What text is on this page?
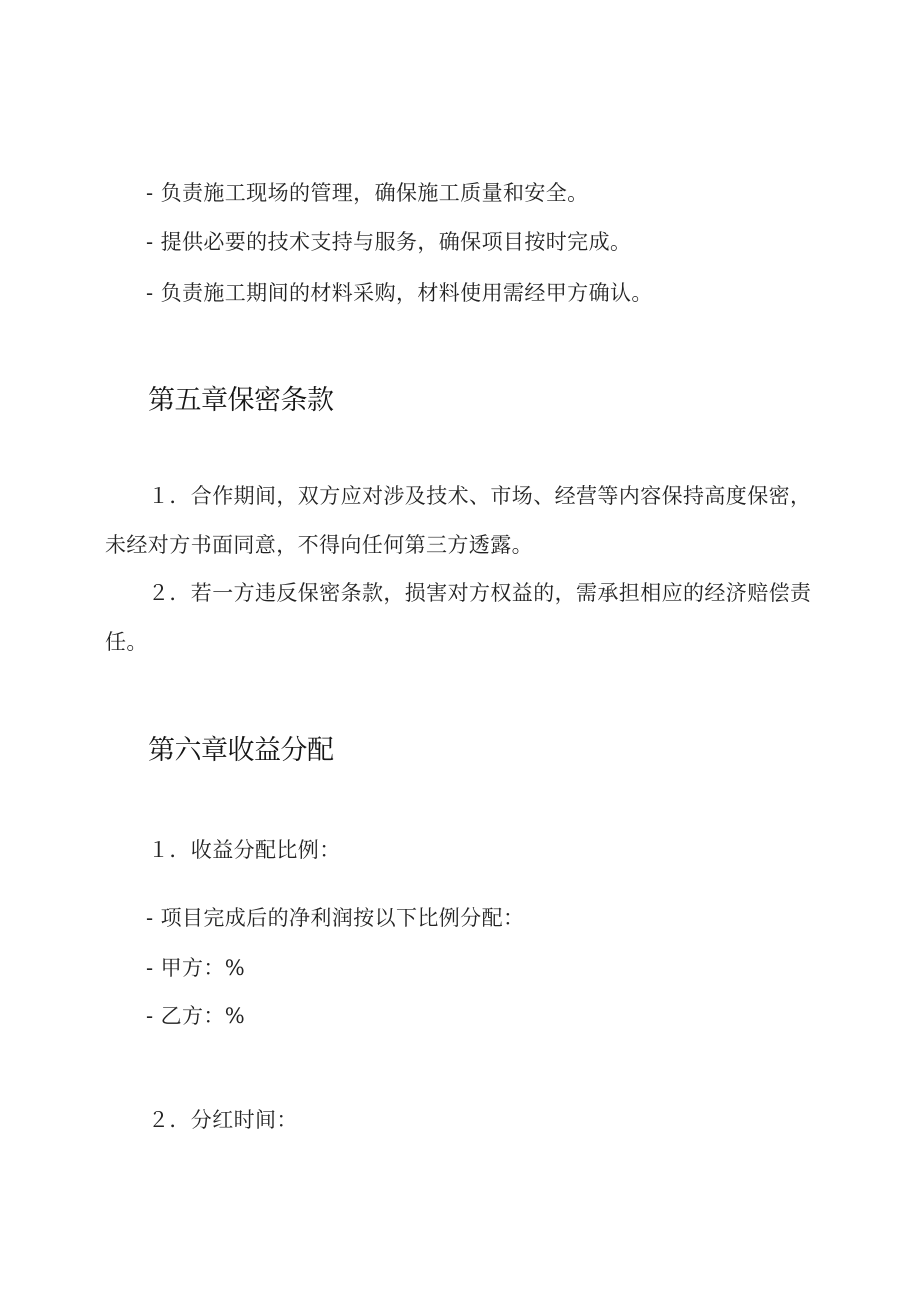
- 负责施工现场的管理，确保施工质量和安全。
- 提供必要的技术支持与服务，确保项目按时完成。
- 负责施工期间的材料采购，材料使用需经甲方确认。
第五章保密条款
１．合作期间，双方应对涉及技术、市场、经营等内容保持高度保密，
未经对方书面同意，不得向任何第三方透露。
２．若一方违反保密条款，损害对方权益的，需承担相应的经济赔偿责
任。
第六章收益分配
１．收益分配比例：
- 项目完成后的净利润按以下比例分配：
- 甲方：%
- 乙方：%
２．分红时间：
